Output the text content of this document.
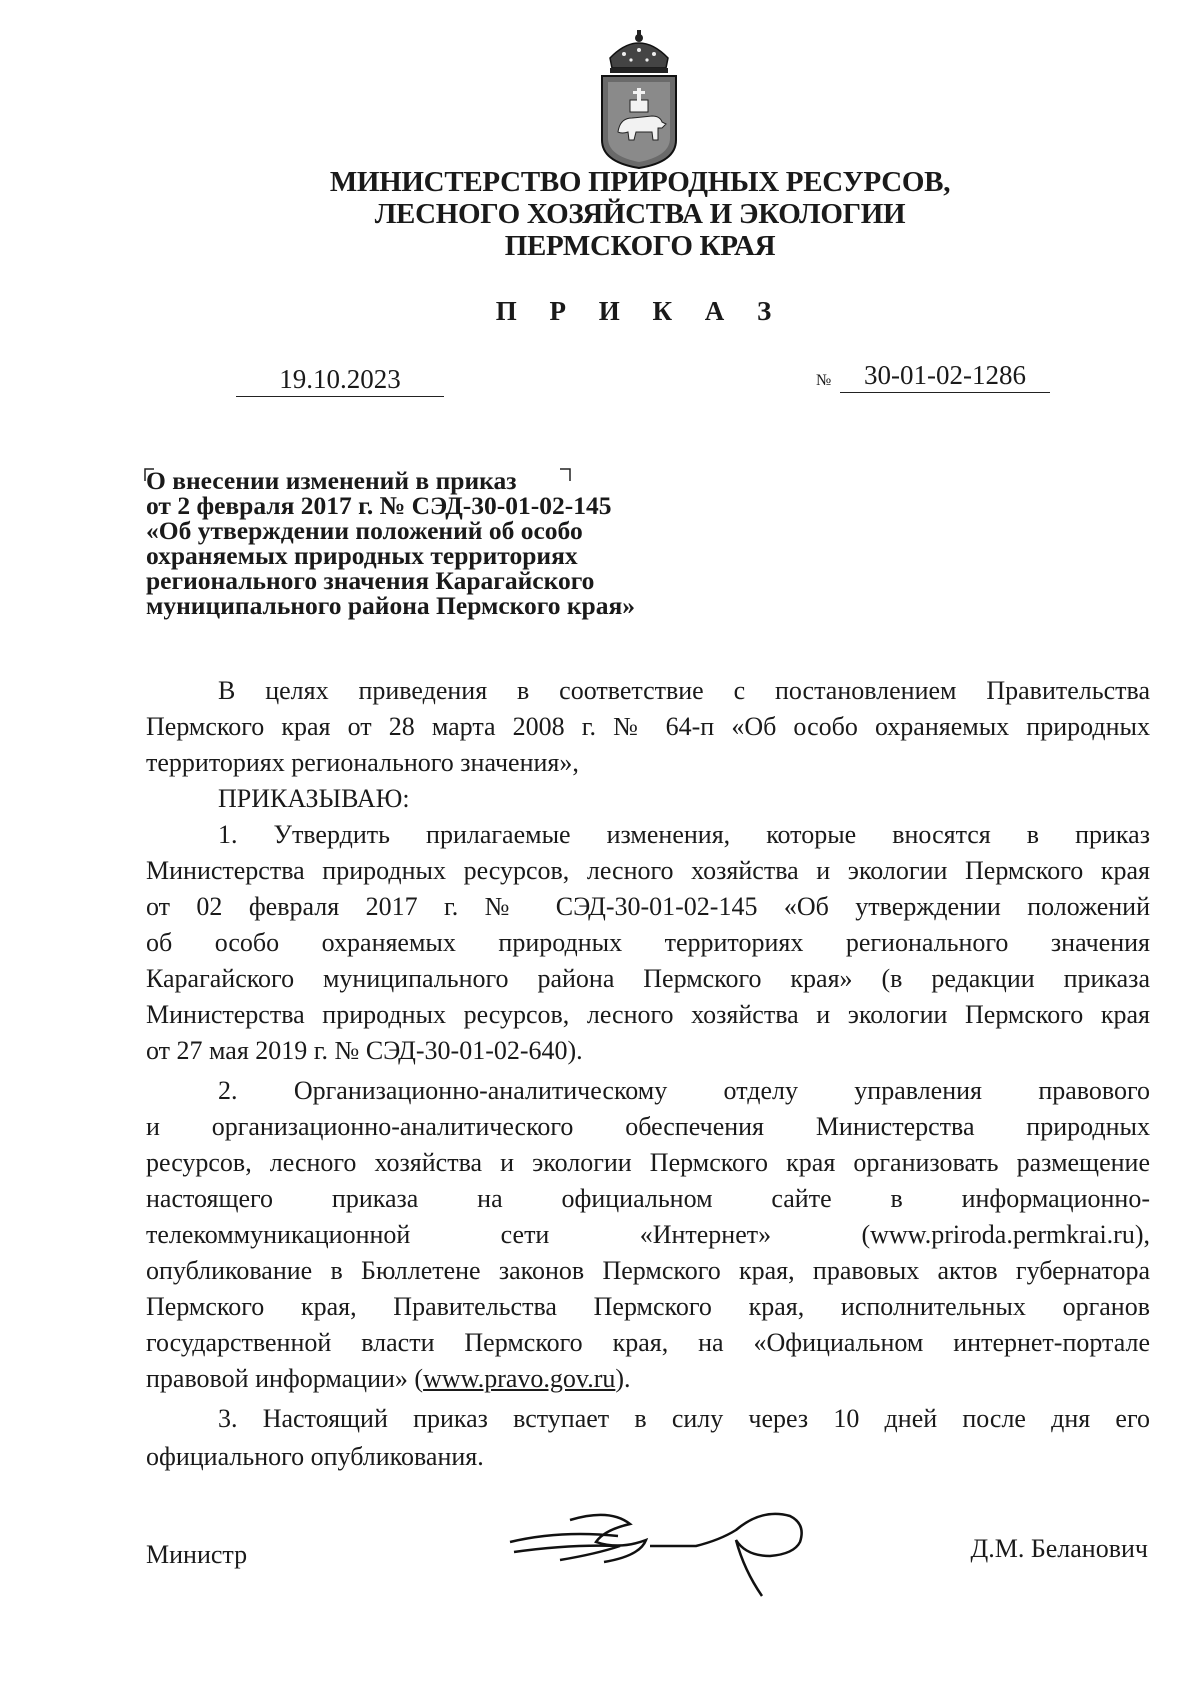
МИНИСТЕРСТВО ПРИРОДНЫХ РЕСУРСОВ,
ЛЕСНОГО ХОЗЯЙСТВА И ЭКОЛОГИИ
ПЕРМСКОГО КРАЯ
П Р И К А З
19.10.2023	№	30-01-02-1286
О внесении изменений в приказ
от 2 февраля 2017 г. № СЭД-30-01-02-145
«Об утверждении положений об особо
охраняемых природных территориях
регионального значения Карагайского
муниципального района Пермского края»
В целях приведения в соответствие с постановлением Правительства
Пермского края от 28 марта 2008 г. № 64-п «Об особо охраняемых природных
территориях регионального значения»,
ПРИКАЗЫВАЮ:
1. Утвердить прилагаемые изменения, которые вносятся в приказ
Министерства природных ресурсов, лесного хозяйства и экологии Пермского края
от 02 февраля 2017 г. № СЭД-30-01-02-145 «Об утверждении положений
об особо охраняемых природных территориях регионального значения
Карагайского муниципального района Пермского края» (в редакции приказа
Министерства природных ресурсов, лесного хозяйства и экологии Пермского края
от 27 мая 2019 г. № СЭД-30-01-02-640).
2. Организационно-аналитическому отделу управления правового
и организационно-аналитического обеспечения Министерства природных
ресурсов, лесного хозяйства и экологии Пермского края организовать размещение
настоящего приказа на официальном сайте в информационно-
телекоммуникационной сети «Интернет» (www.priroda.permkrai.ru),
опубликование в Бюллетене законов Пермского края, правовых актов губернатора
Пермского края, Правительства Пермского края, исполнительных органов
государственной власти Пермского края, на «Официальном интернет-портале
правовой информации» (www.pravo.gov.ru).
3. Настоящий приказ вступает в силу через 10 дней после дня его
официального опубликования.
Министр	Д.М. Беланович
